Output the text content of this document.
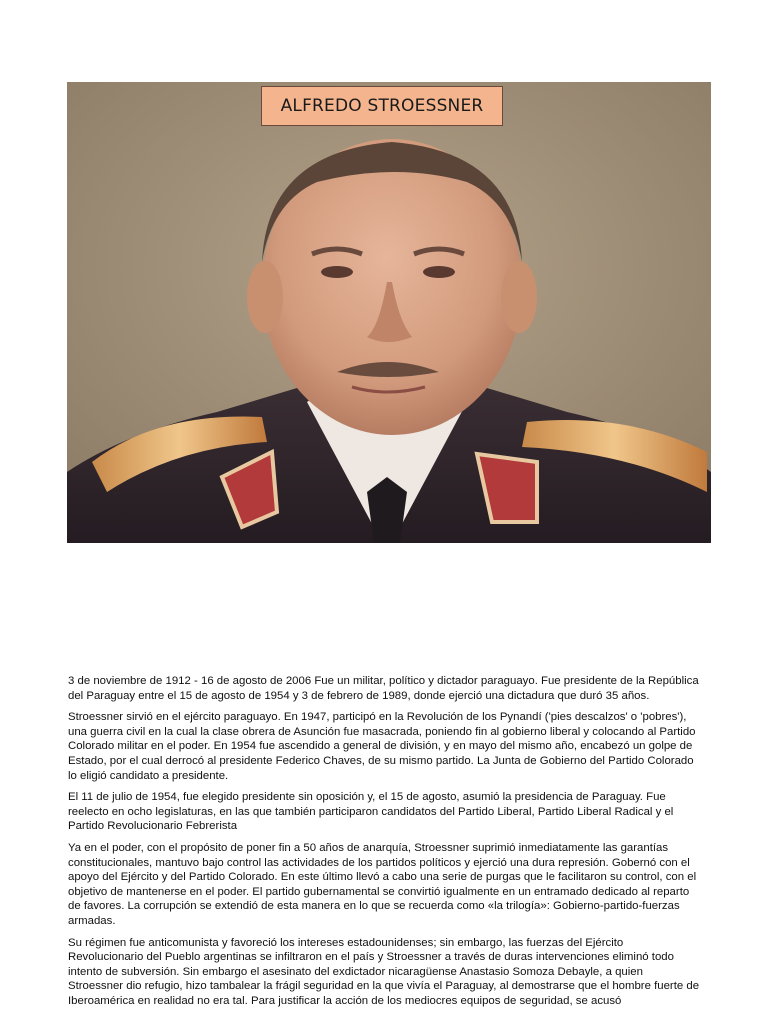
ALFREDO STROESSNER

3 de noviembre de 1912 - 16 de agosto de 2006 Fue un militar, político y dictador paraguayo. Fue presidente de la República del Paraguay entre el 15 de agosto de 1954 y 3 de febrero de 1989, donde ejerció una dictadura que duró 35 años.

Stroessner sirvió en el ejército paraguayo. En 1947, participó en la Revolución de los Pynandí ('pies descalzos' o 'pobres'), una guerra civil en la cual la clase obrera de Asunción fue masacrada, poniendo fin al gobierno liberal y colocando al Partido Colorado militar en el poder. En 1954 fue ascendido a general de división, y en mayo del mismo año, encabezó un golpe de Estado, por el cual derrocó al presidente Federico Chaves, de su mismo partido. La Junta de Gobierno del Partido Colorado lo eligió candidato a presidente.

El 11 de julio de 1954, fue elegido presidente sin oposición y, el 15 de agosto, asumió la presidencia de Paraguay. Fue reelecto en ocho legislaturas, en las que también participaron candidatos del Partido Liberal, Partido Liberal Radical y el Partido Revolucionario Febrerista

Ya en el poder, con el propósito de poner fin a 50 años de anarquía, Stroessner suprimió inmediatamente las garantías constitucionales, mantuvo bajo control las actividades de los partidos políticos y ejerció una dura represión. Gobernó con el apoyo del Ejército y del Partido Colorado. En este último llevó a cabo una serie de purgas que le facilitaron su control, con el objetivo de mantenerse en el poder. El partido gubernamental se convirtió igualmente en un entramado dedicado al reparto de favores. La corrupción se extendió de esta manera en lo que se recuerda como «la trilogía»: Gobierno-partido-fuerzas armadas.

Su régimen fue anticomunista y favoreció los intereses estadounidenses; sin embargo, las fuerzas del Ejército Revolucionario del Pueblo argentinas se infiltraron en el país y Stroessner a través de duras intervenciones eliminó todo intento de subversión. Sin embargo el asesinato del exdictador nicaragüense Anastasio Somoza Debayle, a quien Stroessner dio refugio, hizo tambalear la frágil seguridad en la que vivía el Paraguay, al demostrarse que el hombre fuerte de Iberoamérica en realidad no era tal. Para justificar la acción de los mediocres equipos de seguridad, se acusó
